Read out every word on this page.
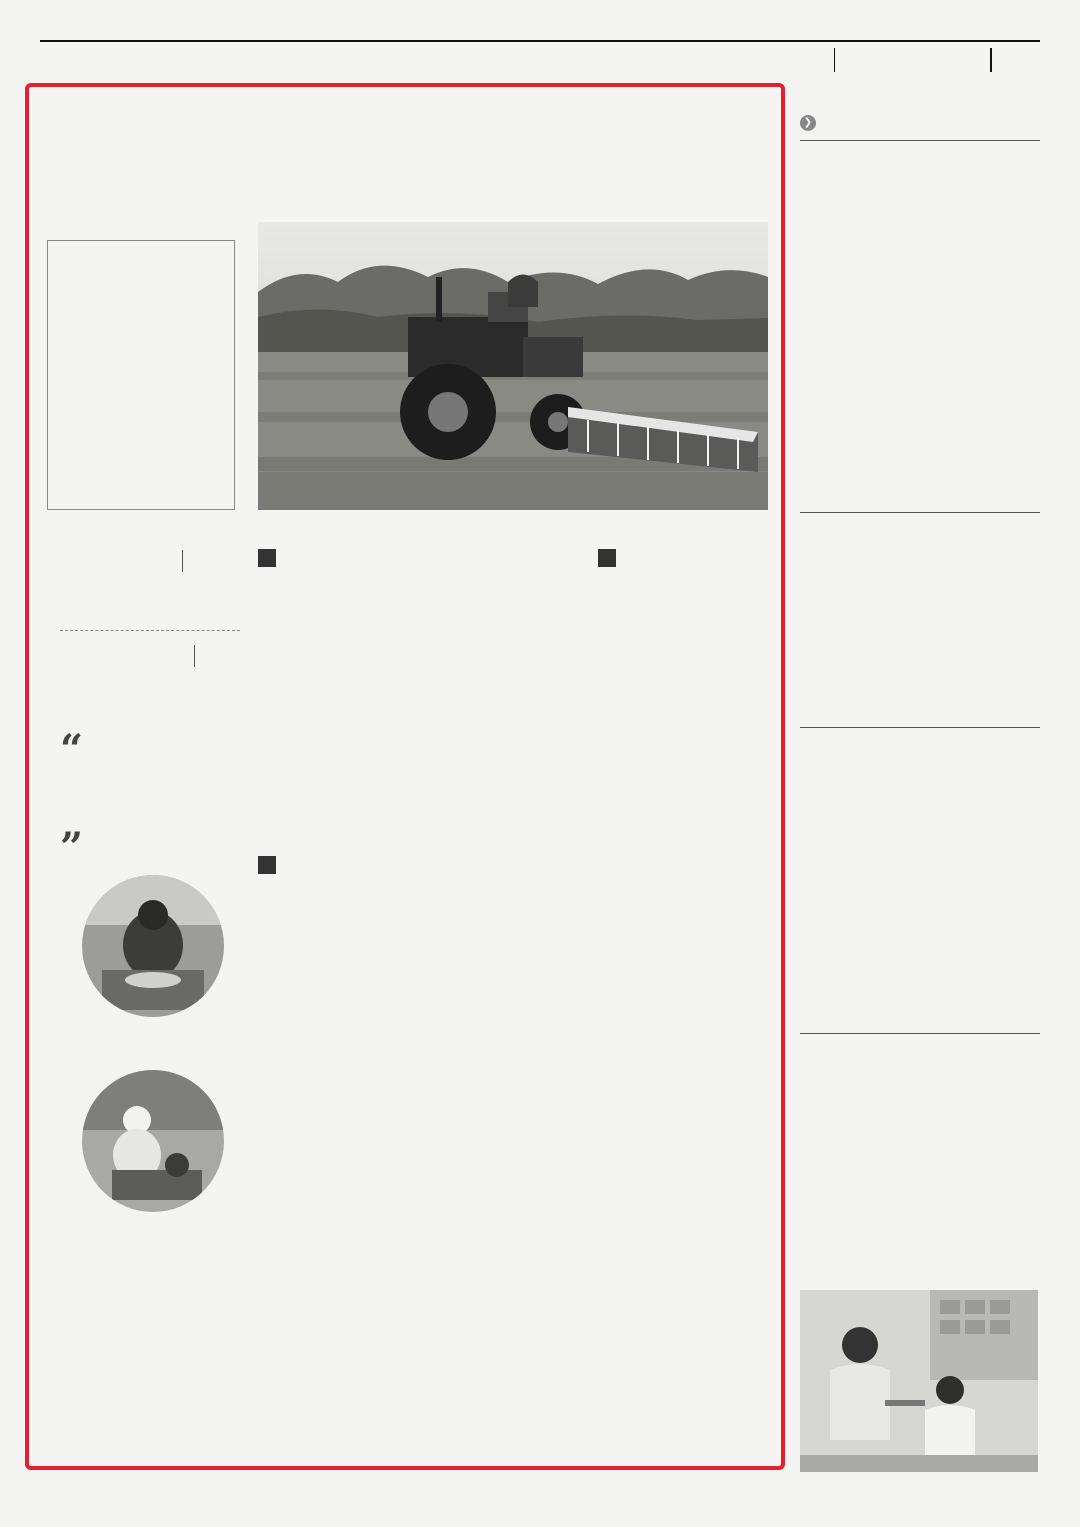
“
”

❯
